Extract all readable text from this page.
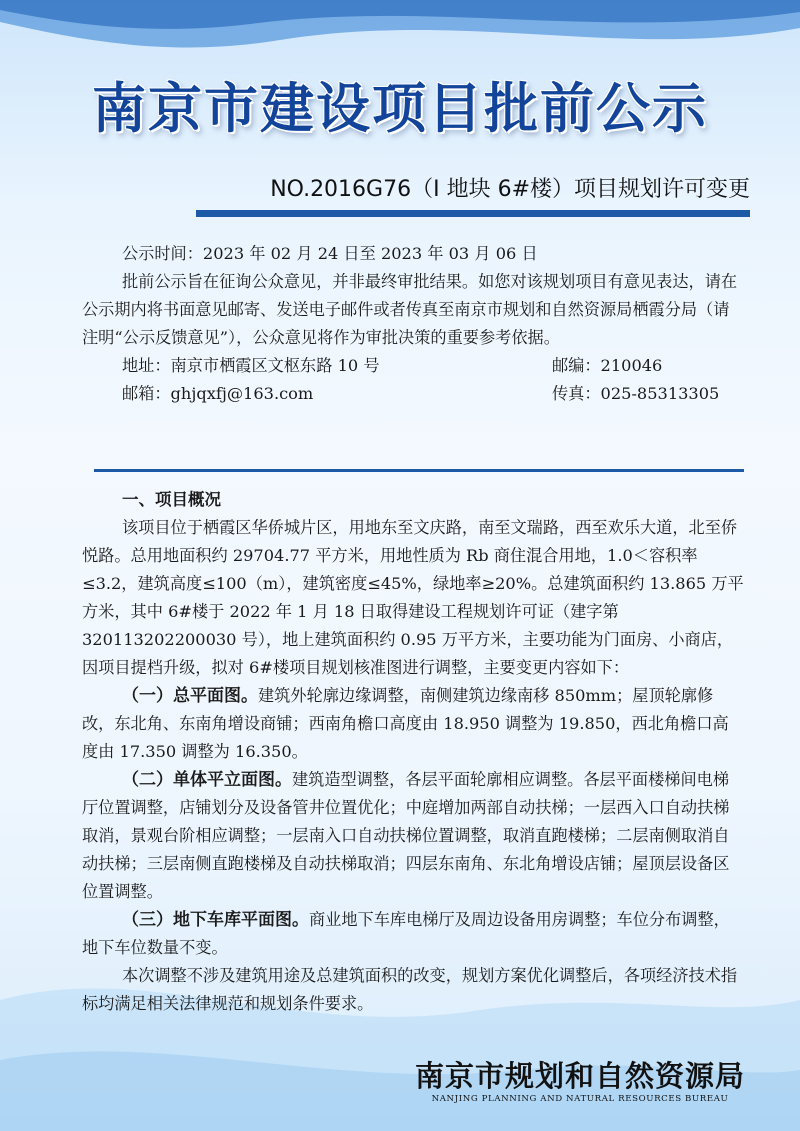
南京市建设项目批前公示
NO.2016G76（I 地块 6#楼）项目规划许可变更

公示时间：2023 年 02 月 24 日至 2023 年 03 月 06 日

批前公示旨在征询公众意见，并非最终审批结果。如您对该规划项目有意见表达，请在公示期内将书面意见邮寄、发送电子邮件或者传真至南京市规划和自然资源局栖霞分局（请注明“公示反馈意见”），公众意见将作为审批决策的重要参考依据。

地址：南京市栖霞区文枢东路 10 号	邮编：210046
邮箱：ghjqxfj@163.com	传真：025-85313305

一、项目概况

该项目位于栖霞区华侨城片区，用地东至文庆路，南至文瑞路，西至欢乐大道，北至侨悦路。总用地面积约 29704.77 平方米，用地性质为 Rb 商住混合用地，1.0＜容积率≤3.2，建筑高度≤100（m），建筑密度≤45%，绿地率≥20%。总建筑面积约 13.865 万平方米，其中 6#楼于 2022 年 1 月 18 日取得建设工程规划许可证（建字第 320113202200030 号），地上建筑面积约 0.95 万平方米，主要功能为门面房、小商店，因项目提档升级，拟对 6#楼项目规划核准图进行调整，主要变更内容如下：

（一）总平面图。建筑外轮廓边缘调整，南侧建筑边缘南移 850mm；屋顶轮廓修改，东北角、东南角增设商铺；西南角檐口高度由 18.950 调整为 19.850，西北角檐口高度由 17.350 调整为 16.350。

（二）单体平立面图。建筑造型调整，各层平面轮廓相应调整。各层平面楼梯间电梯厅位置调整，店铺划分及设备管井位置优化；中庭增加两部自动扶梯；一层西入口自动扶梯取消，景观台阶相应调整；一层南入口自动扶梯位置调整，取消直跑楼梯；二层南侧取消自动扶梯；三层南侧直跑楼梯及自动扶梯取消；四层东南角、东北角增设店铺；屋顶层设备区位置调整。

（三）地下车库平面图。商业地下车库电梯厅及周边设备用房调整；车位分布调整，地下车位数量不变。

本次调整不涉及建筑用途及总建筑面积的改变，规划方案优化调整后，各项经济技术指标均满足相关法律规范和规划条件要求。

南京市规划和自然资源局
NANJING PLANNING AND NATURAL RESOURCES BUREAU
